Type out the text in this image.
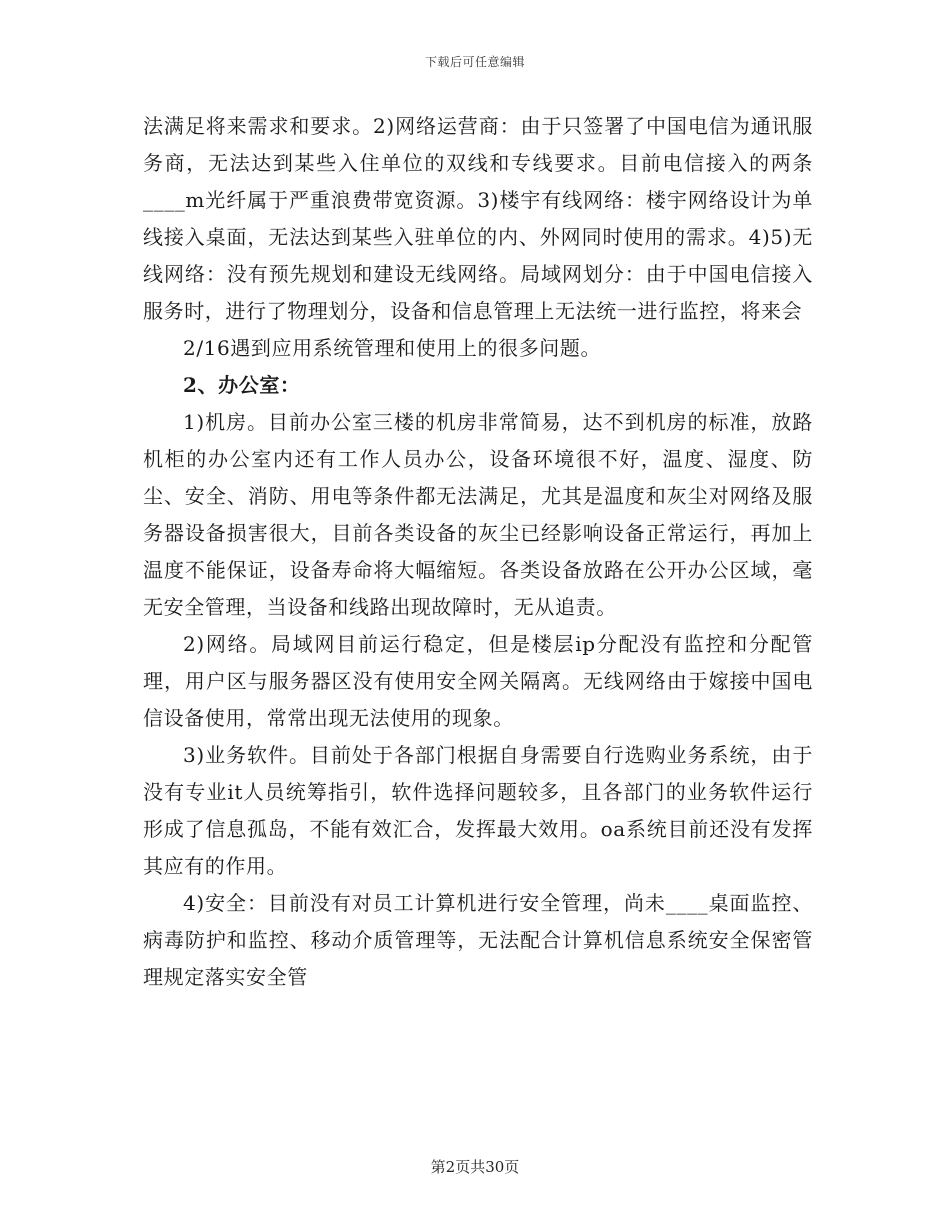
下载后可任意编辑

法满足将来需求和要求。2)网络运营商：由于只签署了中国电信为通讯服务商，无法达到某些入住单位的双线和专线要求。目前电信接入的两条____m光纤属于严重浪费带宽资源。3)楼宇有线网络：楼宇网络设计为单线接入桌面，无法达到某些入驻单位的内、外网同时使用的需求。4)5)无线网络：没有预先规划和建设无线网络。局域网划分：由于中国电信接入服务时，进行了物理划分，设备和信息管理上无法统一进行监控，将来会

2/16遇到应用系统管理和使用上的很多问题。

2、办公室：

1)机房。目前办公室三楼的机房非常简易，达不到机房的标准，放路机柜的办公室内还有工作人员办公，设备环境很不好，温度、湿度、防尘、安全、消防、用电等条件都无法满足，尤其是温度和灰尘对网络及服务器设备损害很大，目前各类设备的灰尘已经影响设备正常运行，再加上温度不能保证，设备寿命将大幅缩短。各类设备放路在公开办公区域，毫无安全管理，当设备和线路出现故障时，无从追责。

2)网络。局域网目前运行稳定，但是楼层ip分配没有监控和分配管理，用户区与服务器区没有使用安全网关隔离。无线网络由于嫁接中国电信设备使用，常常出现无法使用的现象。

3)业务软件。目前处于各部门根据自身需要自行选购业务系统，由于没有专业it人员统筹指引，软件选择问题较多，且各部门的业务软件运行形成了信息孤岛，不能有效汇合，发挥最大效用。oa系统目前还没有发挥其应有的作用。

4)安全：目前没有对员工计算机进行安全管理，尚未____桌面监控、病毒防护和监控、移动介质管理等，无法配合计算机信息系统安全保密管理规定落实安全管

第2页共30页
